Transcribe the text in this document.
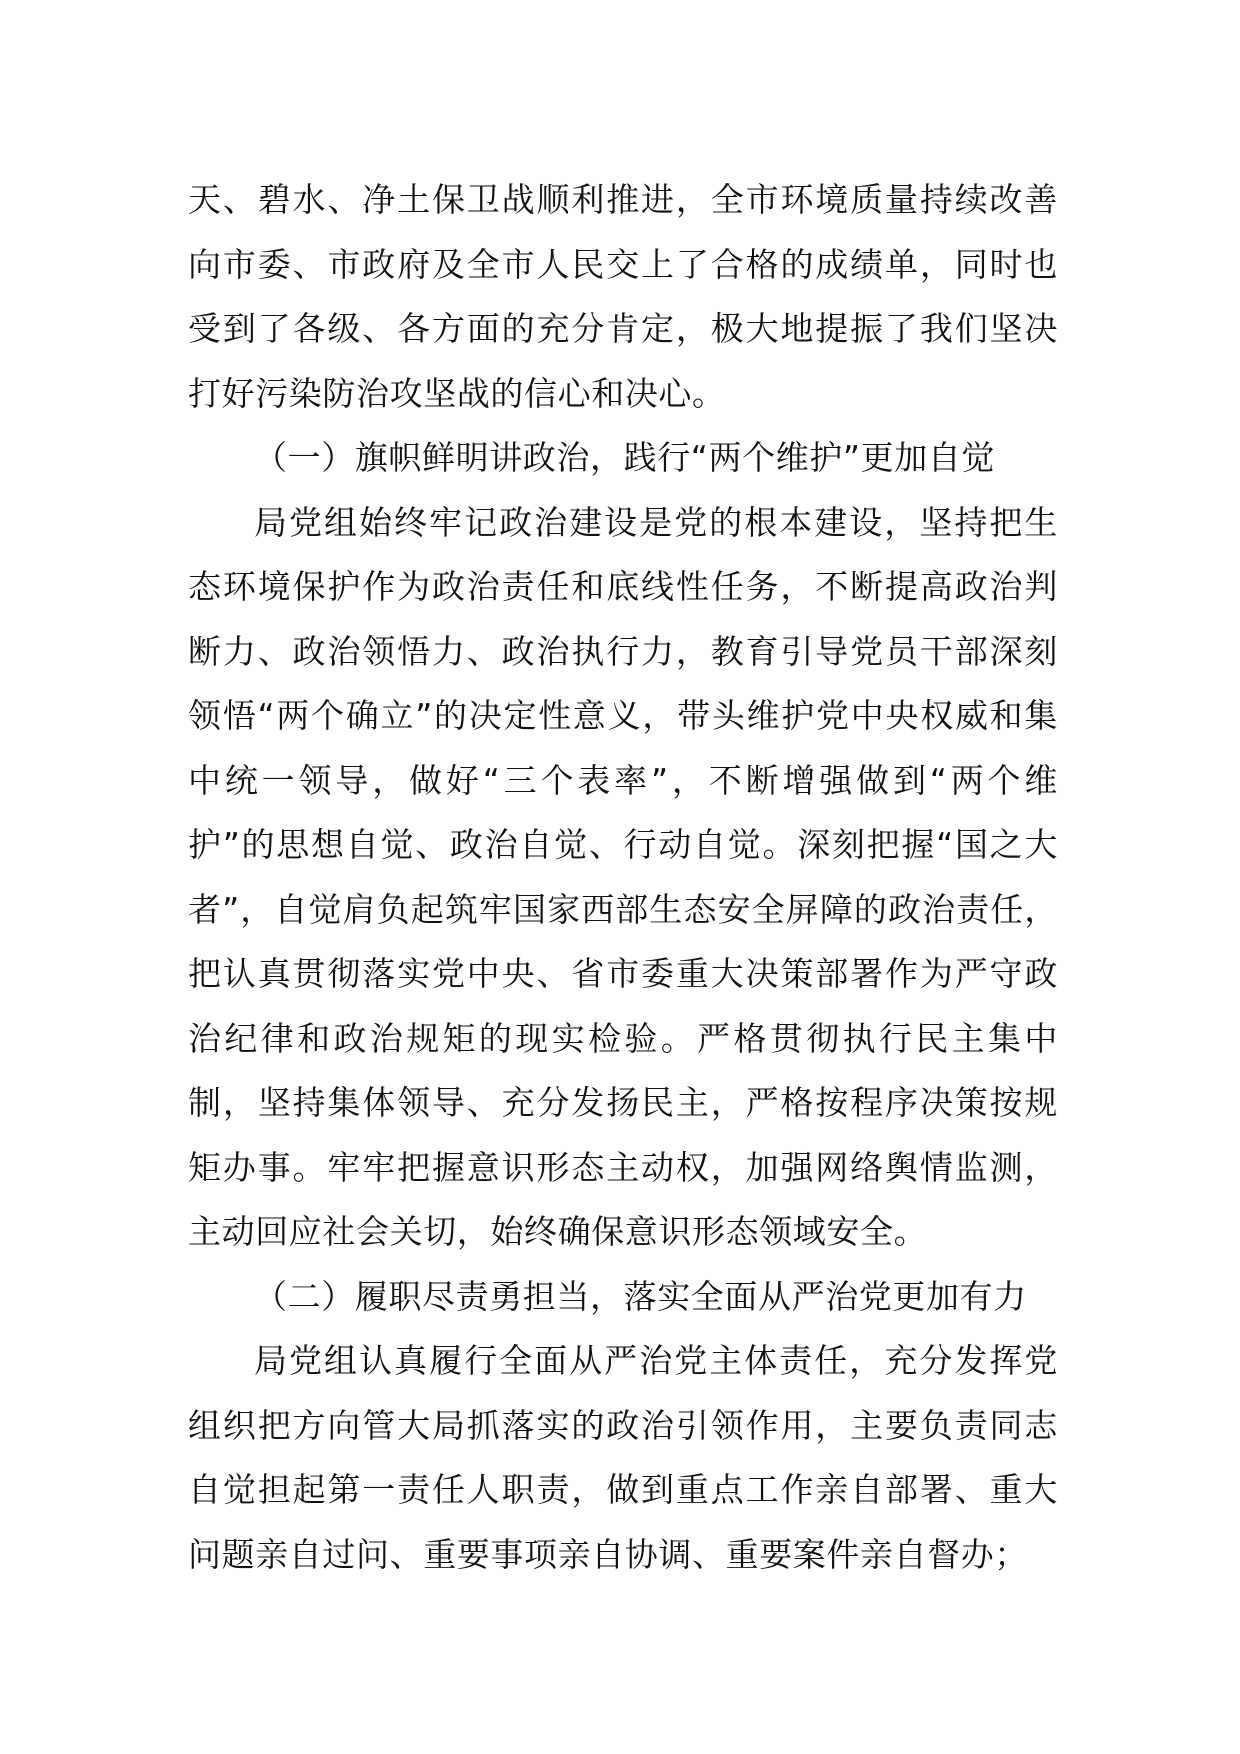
天、碧水、净土保卫战顺利推进，全市环境质量持续改善向市委、市政府及全市人民交上了合格的成绩单，同时也受到了各级、各方面的充分肯定，极大地提振了我们坚决打好污染防治攻坚战的信心和决心。

（一）旗帜鲜明讲政治，践行“两个维护”更加自觉

局党组始终牢记政治建设是党的根本建设，坚持把生态环境保护作为政治责任和底线性任务，不断提高政治判断力、政治领悟力、政治执行力，教育引导党员干部深刻领悟“两个确立”的决定性意义，带头维护党中央权威和集中统一领导，做好“三个表率”，不断增强做到“两个维护”的思想自觉、政治自觉、行动自觉。深刻把握“国之大者”，自觉肩负起筑牢国家西部生态安全屏障的政治责任，把认真贯彻落实党中央、省市委重大决策部署作为严守政治纪律和政治规矩的现实检验。严格贯彻执行民主集中制，坚持集体领导、充分发扬民主，严格按程序决策按规矩办事。牢牢把握意识形态主动权，加强网络舆情监测，主动回应社会关切，始终确保意识形态领域安全。

（二）履职尽责勇担当，落实全面从严治党更加有力

局党组认真履行全面从严治党主体责任，充分发挥党组织把方向管大局抓落实的政治引领作用，主要负责同志自觉担起第一责任人职责，做到重点工作亲自部署、重大问题亲自过问、重要事项亲自协调、重要案件亲自督办；
